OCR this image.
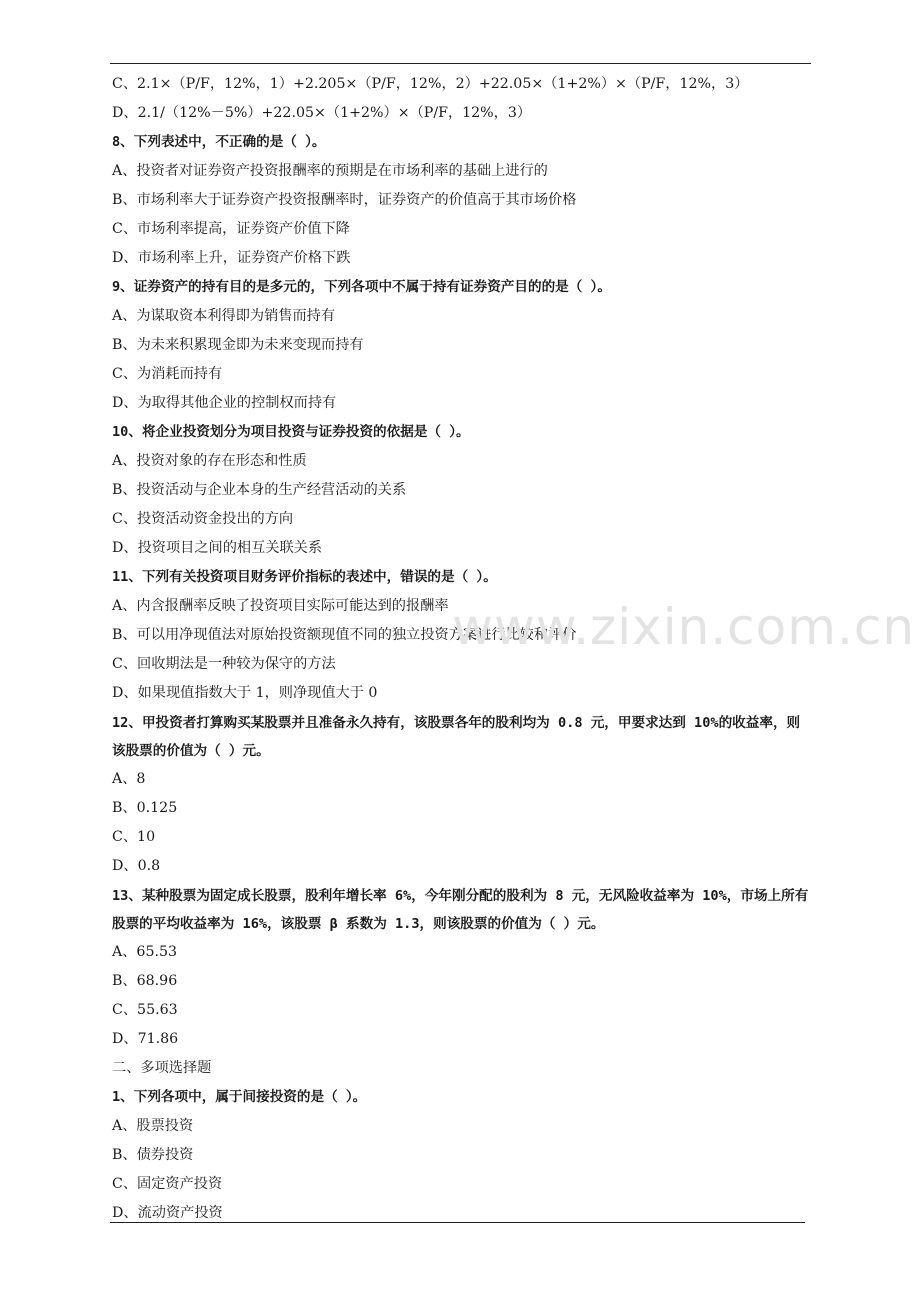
C、2.1×（P/F，12%，1）+2.205×（P/F，12%，2）+22.05×（1+2%）×（P/F，12%，3）
D、2.1/（12%－5%）+22.05×（1+2%）×（P/F，12%，3）
8、下列表述中，不正确的是（ ）。
A、投资者对证券资产投资报酬率的预期是在市场利率的基础上进行的
B、市场利率大于证券资产投资报酬率时，证券资产的价值高于其市场价格
C、市场利率提高，证券资产价值下降
D、市场利率上升，证券资产价格下跌
9、证券资产的持有目的是多元的，下列各项中不属于持有证券资产目的的是（ ）。
A、为谋取资本利得即为销售而持有
B、为未来积累现金即为未来变现而持有
C、为消耗而持有
D、为取得其他企业的控制权而持有
10、将企业投资划分为项目投资与证券投资的依据是（ ）。
A、投资对象的存在形态和性质
B、投资活动与企业本身的生产经营活动的关系
C、投资活动资金投出的方向
D、投资项目之间的相互关联关系
11、下列有关投资项目财务评价指标的表述中，错误的是（ ）。
A、内含报酬率反映了投资项目实际可能达到的报酬率
B、可以用净现值法对原始投资额现值不同的独立投资方案进行比较和评价
C、回收期法是一种较为保守的方法
D、如果现值指数大于 1，则净现值大于 0
12、甲投资者打算购买某股票并且准备永久持有，该股票各年的股利均为 0.8 元，甲要求达到 10%的收益率，则该股票的价值为（ ）元。
A、8
B、0.125
C、10
D、0.8
13、某种股票为固定成长股票，股利年增长率 6%，今年刚分配的股利为 8 元，无风险收益率为 10%，市场上所有股票的平均收益率为 16%，该股票 β 系数为 1.3，则该股票的价值为（ ）元。
A、65.53
B、68.96
C、55.63
D、71.86
二、多项选择题
1、下列各项中，属于间接投资的是（ ）。
A、股票投资
B、债券投资
C、固定资产投资
D、流动资产投资
www.zixin.com.cn
